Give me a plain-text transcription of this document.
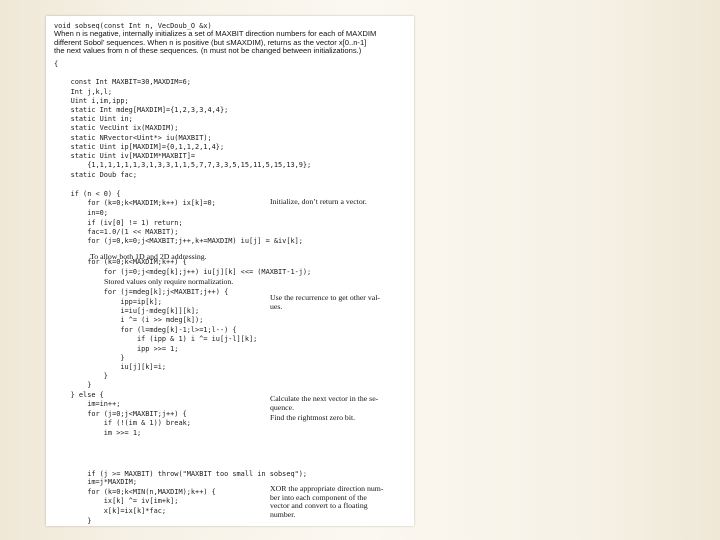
void sobseq(const Int n, VecDoub_O &x)
When n is negative, internally initializes a set of MAXBIT direction numbers for each of MAXDIM
different Sobol’ sequences. When n is positive (but ≤MAXDIM), returns as the vector x[0..n-1]
the next values from n of these sequences. (n must not be changed between initializations.)
{
const Int MAXBIT=30,MAXDIM=6;
Int j,k,l;
Uint i,im,ipp;
static Int mdeg[MAXDIM]={1,2,3,3,4,4};
static Uint in;
static VecUint ix(MAXDIM);
static NRvector<Uint*> iu(MAXBIT);
static Uint ip[MAXDIM]={0,1,1,2,1,4};
static Uint iv[MAXDIM*MAXBIT]=
{1,1,1,1,1,1,3,1,3,3,1,1,5,7,7,3,3,5,15,11,5,15,13,9};
static Doub fac;
if (n < 0) {
for (k=0;k<MAXDIM;k++) ix[k]=0;
in=0;
if (iv[0] != 1) return;
fac=1.0/(1 << MAXBIT);
for (j=0,k=0;j<MAXBIT;j++,k+=MAXDIM) iu[j] = &iv[k];
for (k=0;k<MAXDIM;k++) {
for (j=0;j<mdeg[k];j++) iu[j][k] <<= (MAXBIT-1-j);
for (j=mdeg[k];j<MAXBIT;j++) {
ipp=ip[k];
i=iu[j-mdeg[k]][k];
i ^= (i >> mdeg[k]);
for (l=mdeg[k]-1;l>=1;l--) {
if (ipp & 1) i ^= iu[j-l][k];
ipp >>= 1;
}
iu[j][k]=i;
}
}
} else {
im=in++;
for (j=0;j<MAXBIT;j++) {
if (!(im & 1)) break;
im >>= 1;
if (j >= MAXBIT) throw("MAXBIT too small in sobseq");
im=j*MAXDIM;
for (k=0;k<MIN(n,MAXDIM);k++) {
ix[k] ^= iv[im+k];
x[k]=ix[k]*fac;
}
To allow both 1D and 2D addressing.
Stored values only require normalization.
Initialize, don’t return a vector.
Use the recurrence to get other val-
ues.
Calculate the next vector in the se-
quence.
Find the rightmost zero bit.
XOR the appropriate direction num-
ber into each component of the
vector and convert to a floating
number.
